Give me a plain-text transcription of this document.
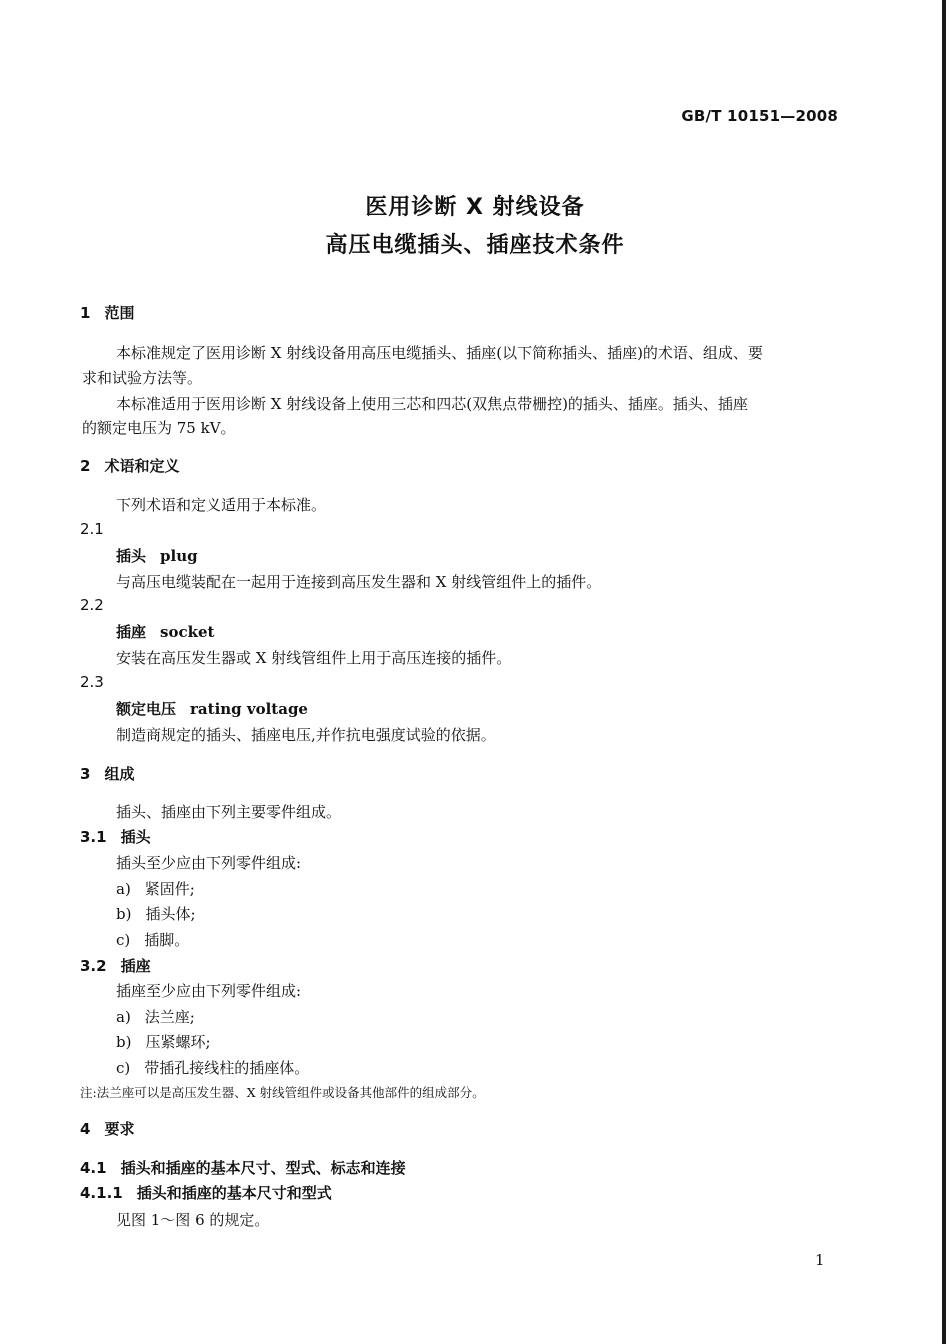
GB/T 10151—2008
医用诊断 X 射线设备
高压电缆插头、插座技术条件
1 范围
本标准规定了医用诊断 X 射线设备用高压电缆插头、插座(以下简称插头、插座)的术语、组成、要
求和试验方法等。
本标准适用于医用诊断 X 射线设备上使用三芯和四芯(双焦点带栅控)的插头、插座。插头、插座
的额定电压为 75 kV。
2 术语和定义
下列术语和定义适用于本标准。
2.1
插头 plug
与高压电缆装配在一起用于连接到高压发生器和 X 射线管组件上的插件。
2.2
插座 socket
安装在高压发生器或 X 射线管组件上用于高压连接的插件。
2.3
额定电压 rating voltage
制造商规定的插头、插座电压,并作抗电强度试验的依据。
3 组成
插头、插座由下列主要零件组成。
3.1 插头
插头至少应由下列零件组成:
a) 紧固件;
b) 插头体;
c) 插脚。
3.2 插座
插座至少应由下列零件组成:
a) 法兰座;
b) 压紧螺环;
c) 带插孔接线柱的插座体。
注:法兰座可以是高压发生器、X 射线管组件或设备其他部件的组成部分。
4 要求
4.1 插头和插座的基本尺寸、型式、标志和连接
4.1.1 插头和插座的基本尺寸和型式
见图 1～图 6 的规定。
1
